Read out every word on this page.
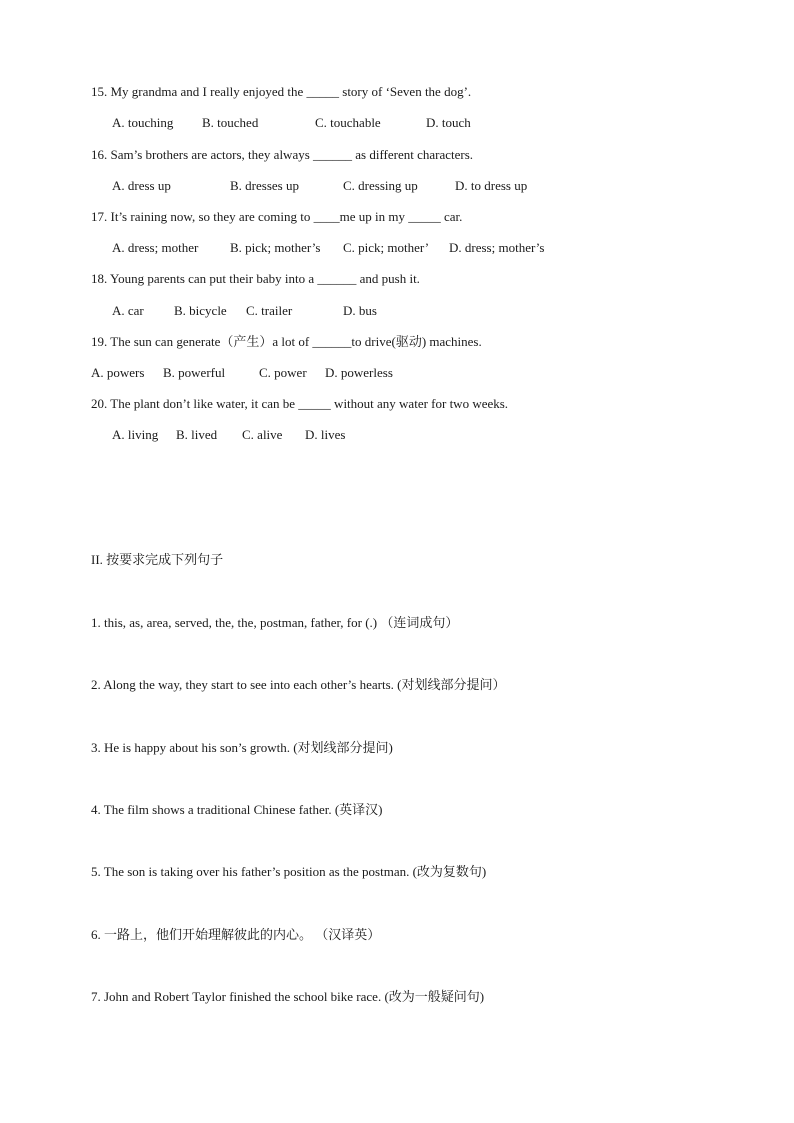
15. My grandma and I really enjoyed the _____ story of ‘Seven the dog’.
A. touching B. touched	C. touchable	D. touch
16. Sam’s brothers are actors, they always ______ as different characters.
A. dress up	B. dresses up	C. dressing up	D. to dress up
17. It’s raining now, so they are coming to ____me up in my _____ car.
A. dress; mother B. pick; mother’s C. pick; mother’ D. dress; mother’s
18. Young parents can put their baby into a ______ and push it.
A. car B. bicycle C. trailer	D. bus
19. The sun can generate（产生）a lot of ______to drive(驱动) machines.
A. powers B. powerful	C. power D. powerless
20. The plant don’t like water, it can be _____ without any water for two weeks.
A. living B. lived C. alive D. lives
II. 按要求完成下列句子
1. this, as, area, served, the, the, postman, father, for (.) （连词成句）
2. Along the way, they start to see into each other’s hearts. (对划线部分提问）
3. He is happy about his son’s growth. (对划线部分提问)
4. The film shows a traditional Chinese father. (英译汉)
5. The son is taking over his father’s position as the postman. (改为复数句)
6. 一路上，他们开始理解彼此的内心。 （汉译英）
7. John and Robert Taylor finished the school bike race. (改为一般疑问句)
